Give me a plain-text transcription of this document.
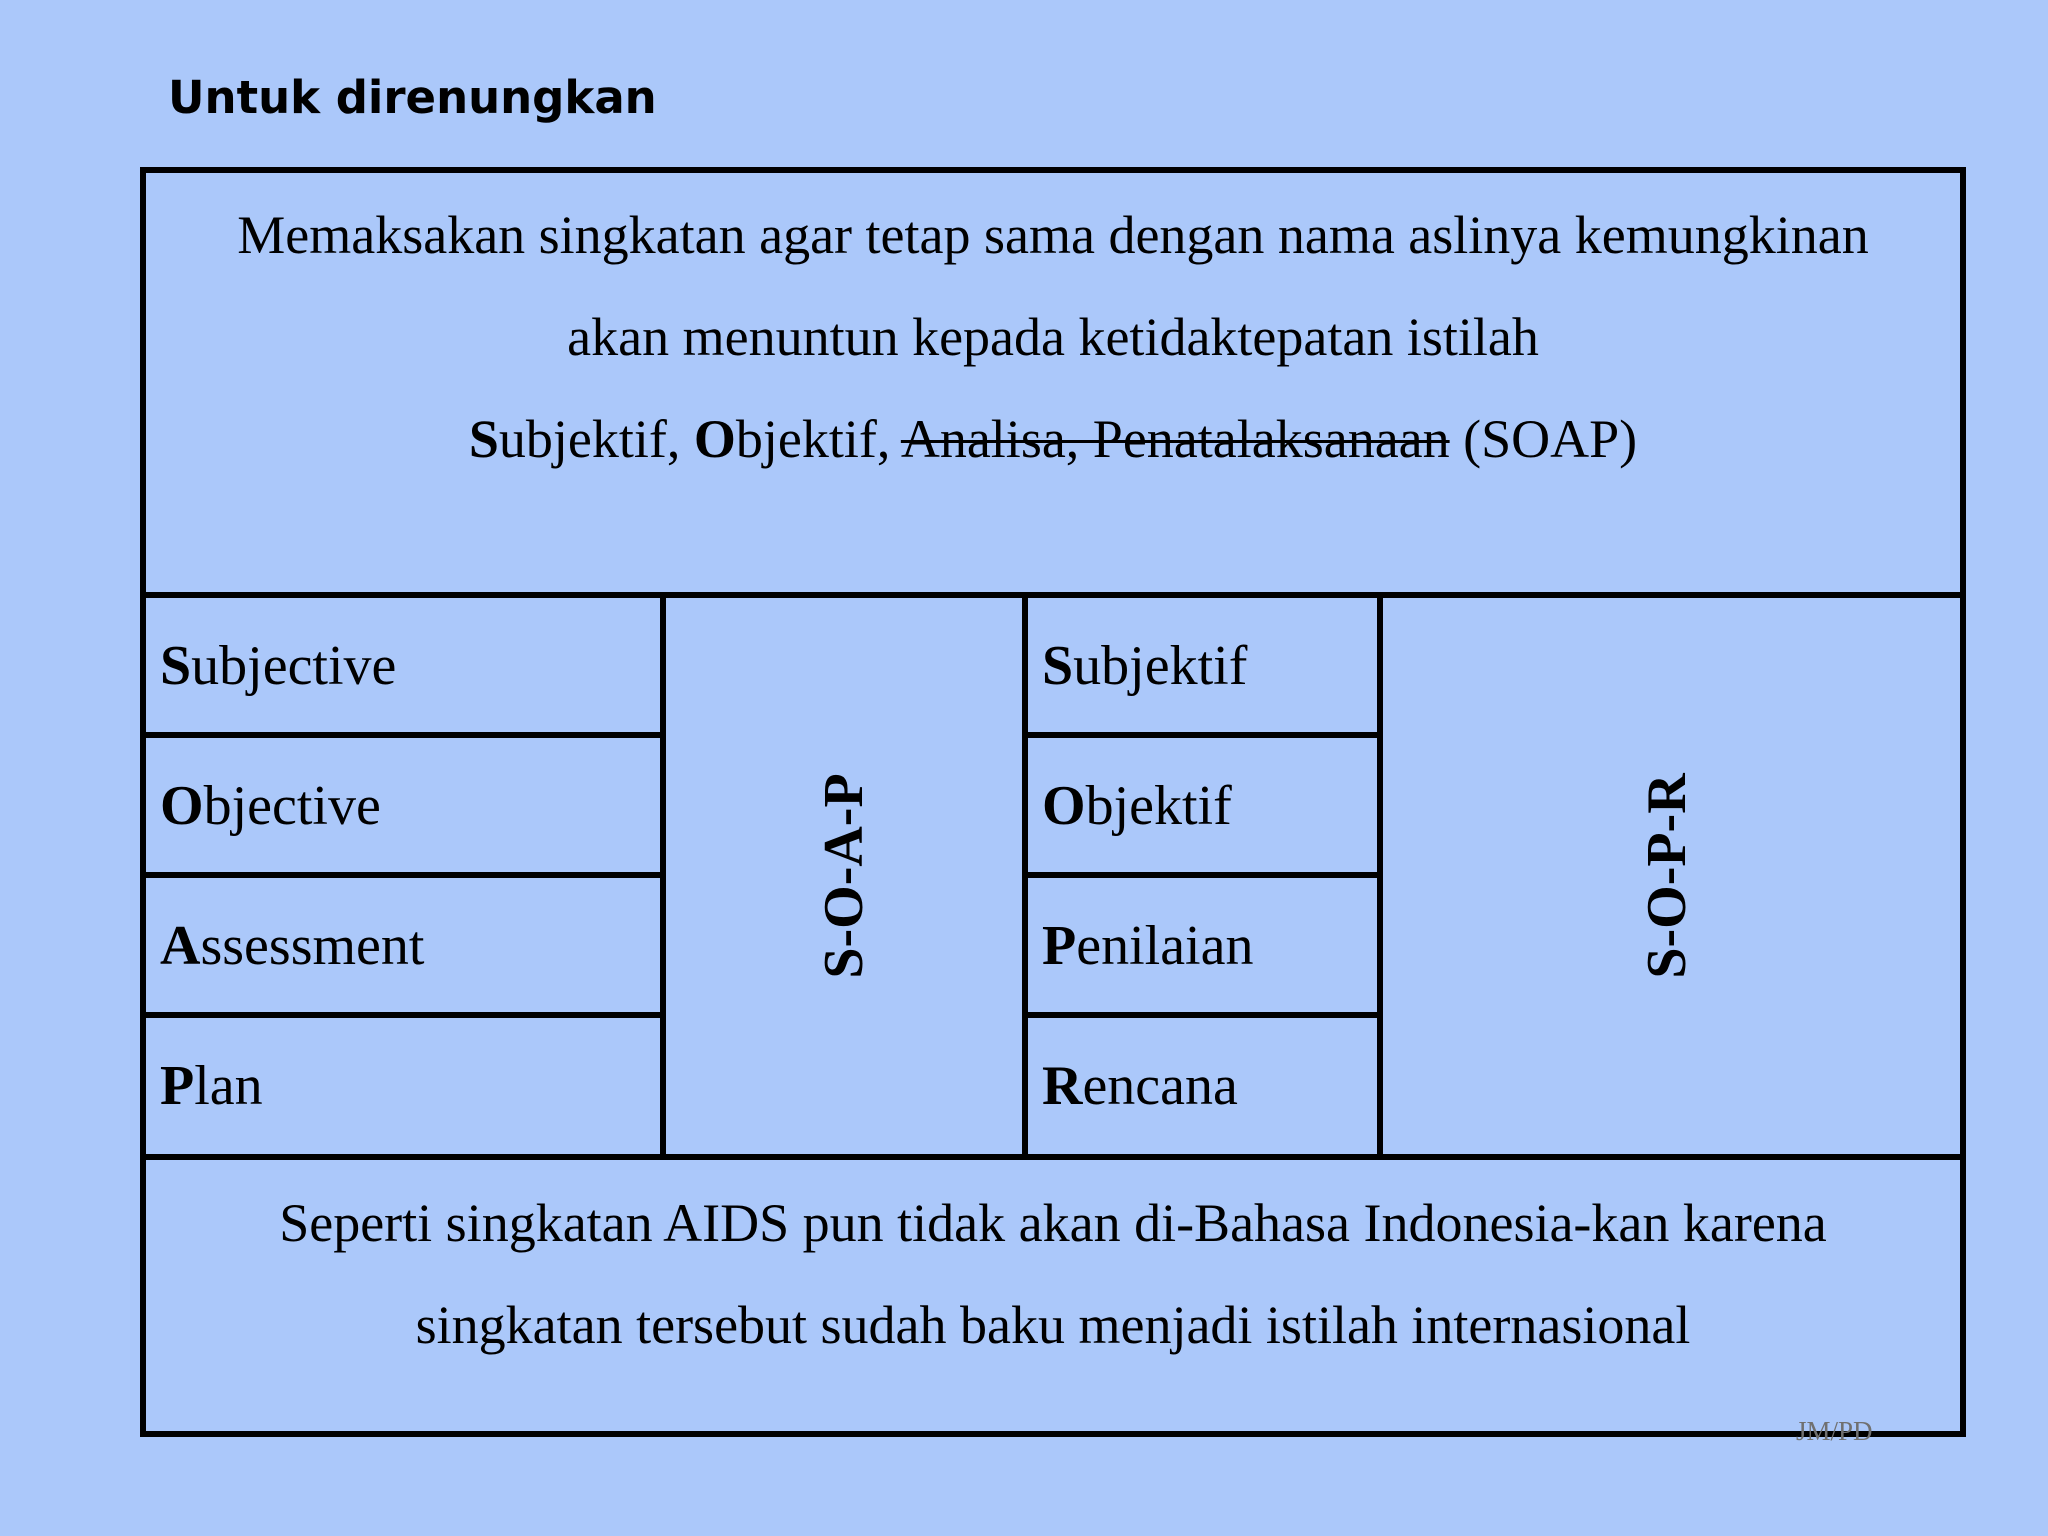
Untuk direnungkan
Memaksakan singkatan agar tetap sama dengan nama aslinya kemungkinan
akan menuntun kepada ketidaktepatan istilah
Subjektif, Objektif, Analisa, Penatalaksanaan (SOAP)
Subjective
Objective
Assessment
Plan
S-O-A-P
Subjektif
Objektif
Penilaian
Rencana
S-O-P-R
Seperti singkatan AIDS pun tidak akan di-Bahasa Indonesia-kan karena
singkatan tersebut sudah baku menjadi istilah internasional
JM/PD
